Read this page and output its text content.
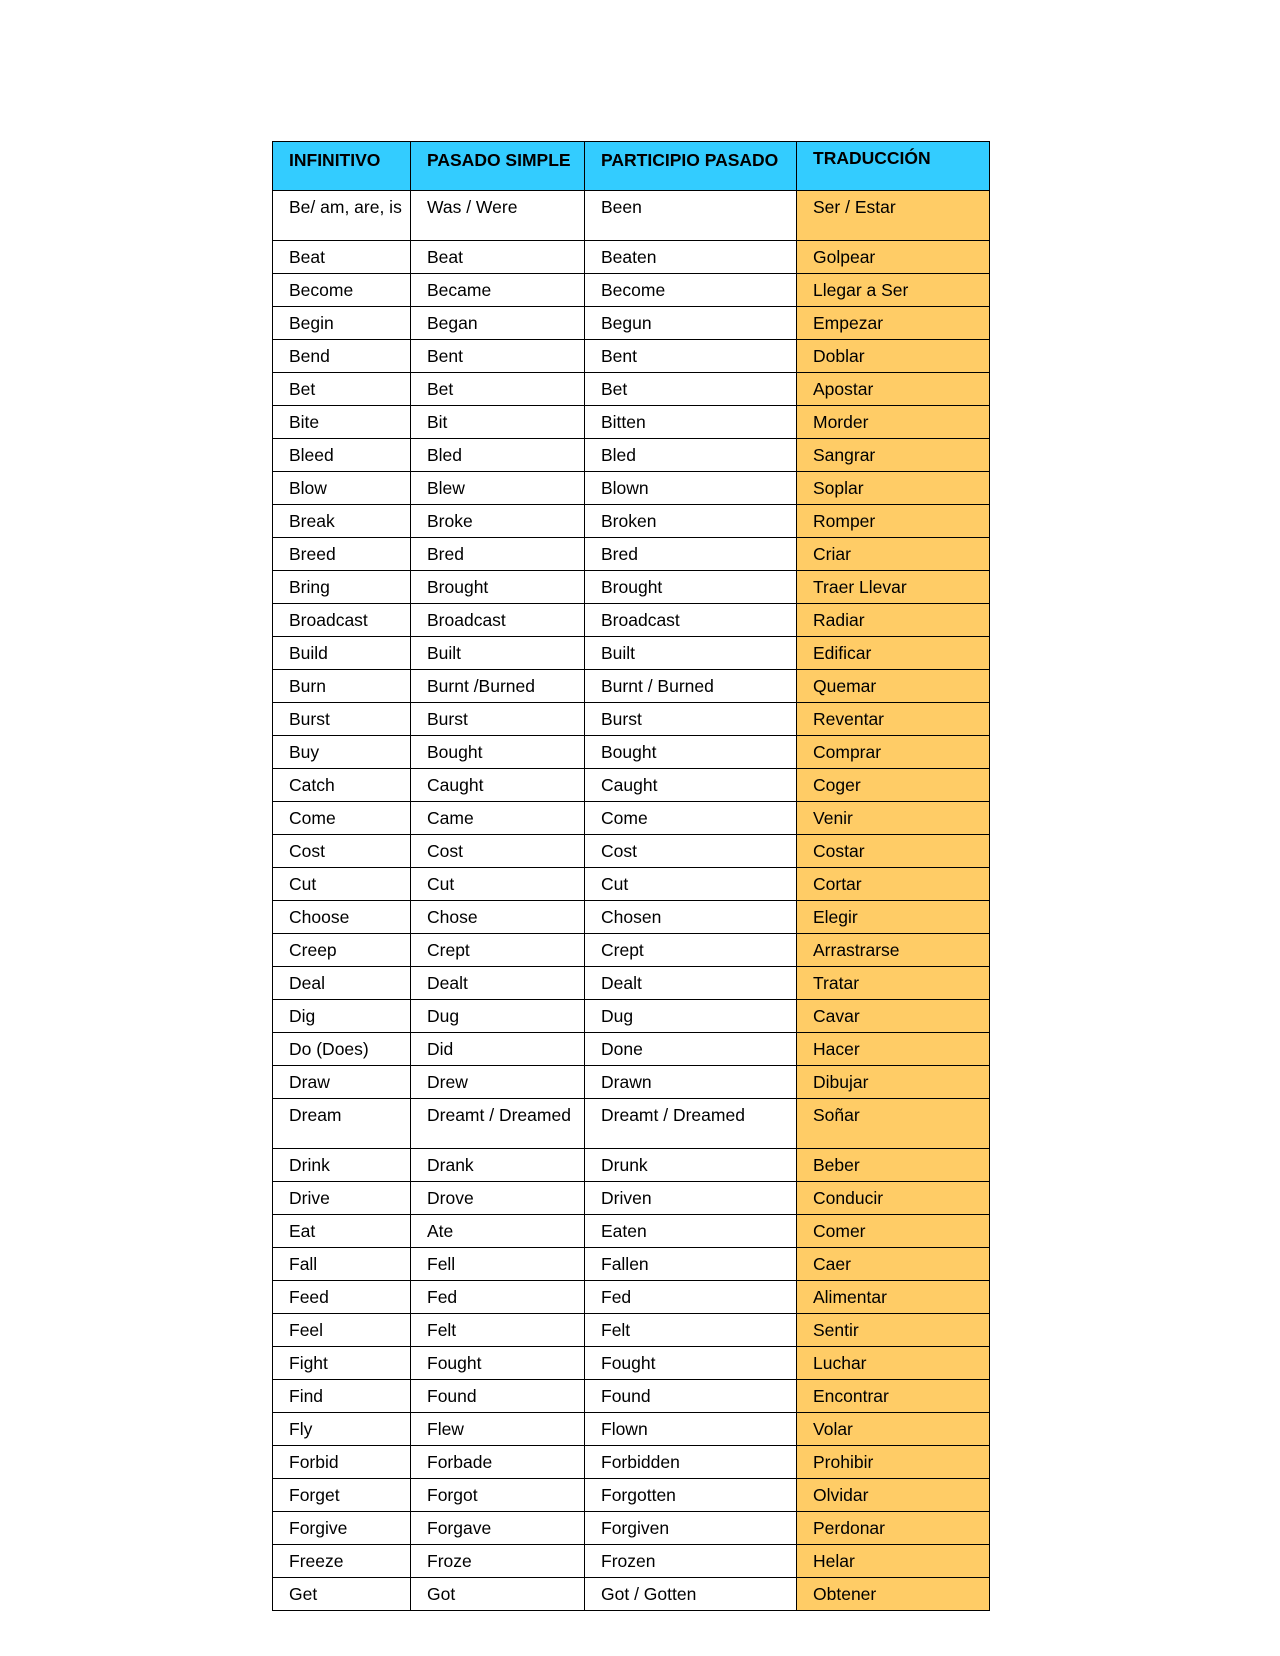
INFINITIVO	PASADO SIMPLE	PARTICIPIO PASADO	TRADUCCIÓN
Be/ am, are, is	Was / Were	Been	Ser / Estar
Beat	Beat	Beaten	Golpear
Become	Became	Become	Llegar a Ser
Begin	Began	Begun	Empezar
Bend	Bent	Bent	Doblar
Bet	Bet	Bet	Apostar
Bite	Bit	Bitten	Morder
Bleed	Bled	Bled	Sangrar
Blow	Blew	Blown	Soplar
Break	Broke	Broken	Romper
Breed	Bred	Bred	Criar
Bring	Brought	Brought	Traer Llevar
Broadcast	Broadcast	Broadcast	Radiar
Build	Built	Built	Edificar
Burn	Burnt /Burned	Burnt / Burned	Quemar
Burst	Burst	Burst	Reventar
Buy	Bought	Bought	Comprar
Catch	Caught	Caught	Coger
Come	Came	Come	Venir
Cost	Cost	Cost	Costar
Cut	Cut	Cut	Cortar
Choose	Chose	Chosen	Elegir
Creep	Crept	Crept	Arrastrarse
Deal	Dealt	Dealt	Tratar
Dig	Dug	Dug	Cavar
Do (Does)	Did	Done	Hacer
Draw	Drew	Drawn	Dibujar
Dream	Dreamt / Dreamed	Dreamt / Dreamed	Soñar
Drink	Drank	Drunk	Beber
Drive	Drove	Driven	Conducir
Eat	Ate	Eaten	Comer
Fall	Fell	Fallen	Caer
Feed	Fed	Fed	Alimentar
Feel	Felt	Felt	Sentir
Fight	Fought	Fought	Luchar
Find	Found	Found	Encontrar
Fly	Flew	Flown	Volar
Forbid	Forbade	Forbidden	Prohibir
Forget	Forgot	Forgotten	Olvidar
Forgive	Forgave	Forgiven	Perdonar
Freeze	Froze	Frozen	Helar
Get	Got	Got / Gotten	Obtener
